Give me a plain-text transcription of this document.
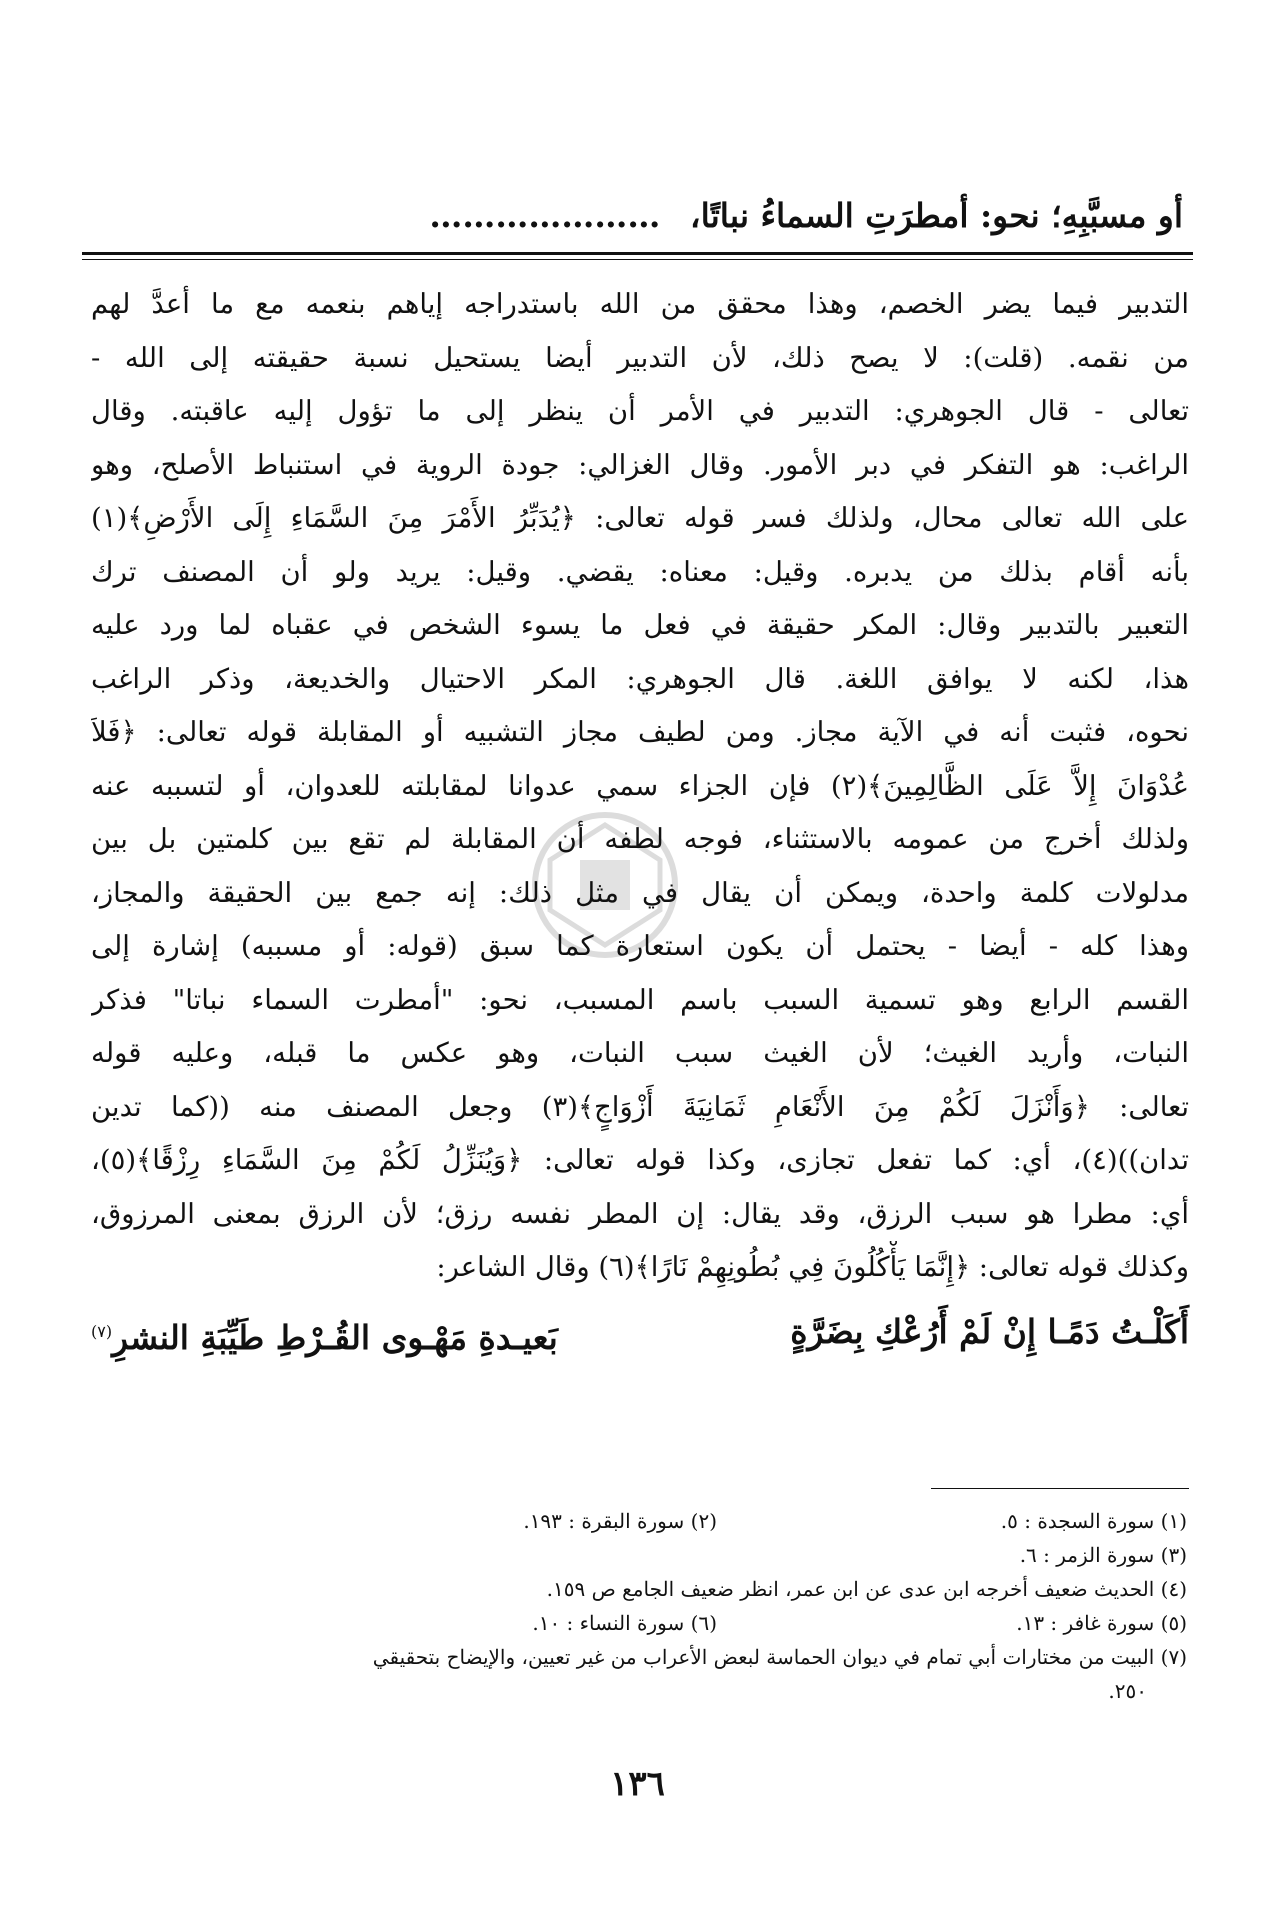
أو مسبَّبِهِ؛ نحو: أمطرَتِ السماءُ نباتًا، …………………
التدبير فيما يضر الخصم، وهذا محقق من الله باستدراجه إياهم بنعمه مع ما أعدَّ لهم
من نقمه. (قلت): لا يصح ذلك، لأن التدبير أيضا يستحيل نسبة حقيقته إلى الله -
تعالى - قال الجوهري: التدبير في الأمر أن ينظر إلى ما تؤول إليه عاقبته. وقال
الراغب: هو التفكر في دبر الأمور. وقال الغزالي: جودة الروية في استنباط الأصلح، وهو
على الله تعالى محال، ولذلك فسر قوله تعالى: ﴿يُدَبِّرُ الأَمْرَ مِنَ السَّمَاءِ إِلَى الأَرْضِ﴾(١)
بأنه أقام بذلك من يدبره. وقيل: معناه: يقضي. وقيل: يريد ولو أن المصنف ترك
التعبير بالتدبير وقال: المكر حقيقة في فعل ما يسوء الشخص في عقباه لما ورد عليه
هذا، لكنه لا يوافق اللغة. قال الجوهري: المكر الاحتيال والخديعة، وذكر الراغب
نحوه، فثبت أنه في الآية مجاز. ومن لطيف مجاز التشبيه أو المقابلة قوله تعالى: ﴿فَلاَ
عُدْوَانَ إِلاَّ عَلَى الظَّالِمِينَ﴾(٢) فإن الجزاء سمي عدوانا لمقابلته للعدوان، أو لتسببه عنه
ولذلك أخرج من عمومه بالاستثناء، فوجه لطفه أن المقابلة لم تقع بين كلمتين بل بين
مدلولات كلمة واحدة، ويمكن أن يقال في مثل ذلك: إنه جمع بين الحقيقة والمجاز،
وهذا كله - أيضا - يحتمل أن يكون استعارة كما سبق (قوله: أو مسببه) إشارة إلى
القسم الرابع وهو تسمية السبب باسم المسبب، نحو: "أمطرت السماء نباتا" فذكر
النبات، وأريد الغيث؛ لأن الغيث سبب النبات، وهو عكس ما قبله، وعليه قوله
تعالى: ﴿وَأَنْزَلَ لَكُمْ مِنَ الأَنْعَامِ ثَمَانِيَةَ أَزْوَاجٍ﴾(٣) وجعل المصنف منه ((كما تدين
تدان))(٤)، أي: كما تفعل تجازى، وكذا قوله تعالى: ﴿وَيُنَزِّلُ لَكُمْ مِنَ السَّمَاءِ رِزْقًا﴾(٥)،
أي: مطرا هو سبب الرزق، وقد يقال: إن المطر نفسه رزق؛ لأن الرزق بمعنى المرزوق،
وكذلك قوله تعالى: ﴿إِنَّمَا يَأْكُلُونَ فِي بُطُونِهِمْ نَارًا﴾(٦) وقال الشاعر:
أَكَلْـتُ دَمًـا إِنْ لَمْ أَرُعْكِ بِضَرَّةٍ
بَعيـدةِ مَهْـوى القُـرْطِ طَيِّبَةِ النشرِ$^{(٧)}$
(١) سورة السجدة : ٥.
(٢) سورة البقرة : ١٩٣.
(٣) سورة الزمر : ٦.
(٤) الحديث ضعيف أخرجه ابن عدى عن ابن عمر، انظر ضعيف الجامع ص ١٥٩.
(٥) سورة غافر : ١٣.
(٦) سورة النساء : ١٠.
(٧) البيت من مختارات أبي تمام في ديوان الحماسة لبعض الأعراب من غير تعيين، والإيضاح بتحقيقي
٢٥٠.
١٣٦
